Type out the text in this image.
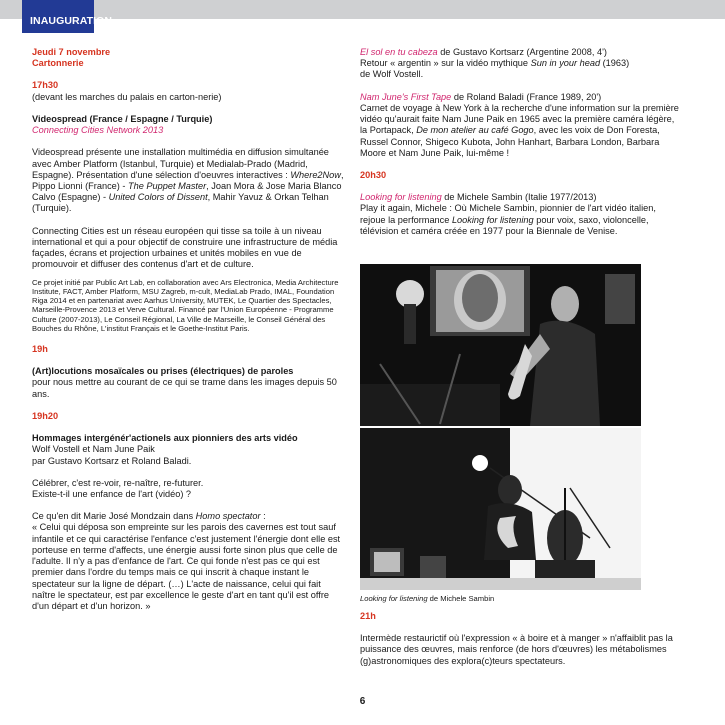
INAUGURATION

Jeudi 7 novembre

Cartonnerie

17h30

(devant les marches du palais en carton-nerie)

Videospread (France / Espagne / Turquie)

Connecting Cities Network 2013

Videospread présente une installation multimédia en diffusion simultanée avec Amber Platform (Istanbul, Turquie) et Medialab-Prado (Madrid, Espagne). Présentation d'une sélection d'oeuvres interactives : Where2Now, Pippo Lionni (France) - The Puppet Master, Joan Mora & Jose Maria Blanco Calvo (Espagne) - United Colors of Dissent, Mahir Yavuz & Orkan Telhan (Turquie).

Connecting Cities est un réseau européen qui tisse sa toile à un niveau international et qui a pour objectif de construire une infrastructure de média façades, écrans et projection urbaines et unités mobiles en vue de promouvoir et diffuser des contenus d'art et de culture.

Ce projet initié par Public Art Lab, en collaboration avec Ars Electronica, Media Architecture Institute, FACT, Amber Platform, MSU Zagreb, m-cult, MediaLab Prado, IMAL, Foundation Riga 2014 et en partenariat avec Aarhus University, MUTEK, Le Quartier des Spectacles, Marseille-Provence 2013 et Verve Cultural. Financé par l'Union Européenne - Programme Culture (2007-2013), Le Conseil Régional, La Ville de Marseille, le Conseil Général des Bouches du Rhône, L'institut Français et le Goethe-Institut Paris.

19h

(Art)locutions mosaïcales ou prises (électriques) de paroles

pour nous mettre au courant de ce qui se trame dans les images depuis 50 ans.

19h20

Hommages intergénér'actionels aux pionniers des arts vidéo

Wolf Vostell et Nam June Paik

par Gustavo Kortsarz et Roland Baladi.

Célébrer, c'est re-voir, re-naître, re-futurer.

Existe-t-il une enfance de l'art (vidéo) ?

Ce qu'en dit Marie José Mondzain dans Homo spectator :

« Celui qui déposa son empreinte sur les parois des cavernes est tout sauf infantile et ce qui caractérise l'enfance c'est justement l'énergie dont elle est porteuse en terme d'affects, une énergie aussi forte sinon plus que celle de l'adulte. Il n'y a pas d'enfance de l'art. Ce qui fonde n'est pas ce qui est premier dans l'ordre du temps mais ce qui inscrit à chaque instant le spectateur sur la ligne de départ. (…) L'acte de naissance, celui qui fait naître le spectateur, est par excellence le geste d'art en tant qu'il est offre d'un départ et d'un horizon. »

El sol en tu cabeza de Gustavo Kortsarz (Argentine 2008, 4')

Retour « argentin » sur la vidéo mythique Sun in your head (1963)

de Wolf Vostell.

Nam June's First Tape de Roland Baladi (France 1989, 20')

Carnet de voyage à New York à la recherche d'une information sur la première vidéo qu'aurait faite Nam June Paik en 1965 avec la première caméra légère, la Portapack, De mon atelier au café Gogo, avec les voix de Don Foresta, Russel Connor, Shigeco Kubota, John Hanhart, Barbara London, Barbara Moore et Nam June Paik, lui-même !

20h30

Looking for listening de Michele Sambin (Italie 1977/2013)

Play it again, Michele : Où Michele Sambin, pionnier de l'art vidéo italien, rejoue la performance Looking for listening pour voix, saxo, violoncelle, télévision et caméra créée en 1977 pour la Biennale de Venise.

Looking for listening de Michele Sambin

21h

Intermède restaurictif où l'expression « à boire et à manger » n'affaiblit pas la puissance des œuvres, mais renforce (de hors d'œuvres) les métabolismes (g)astronomiques des explora(c)teurs spectateurs.

6
